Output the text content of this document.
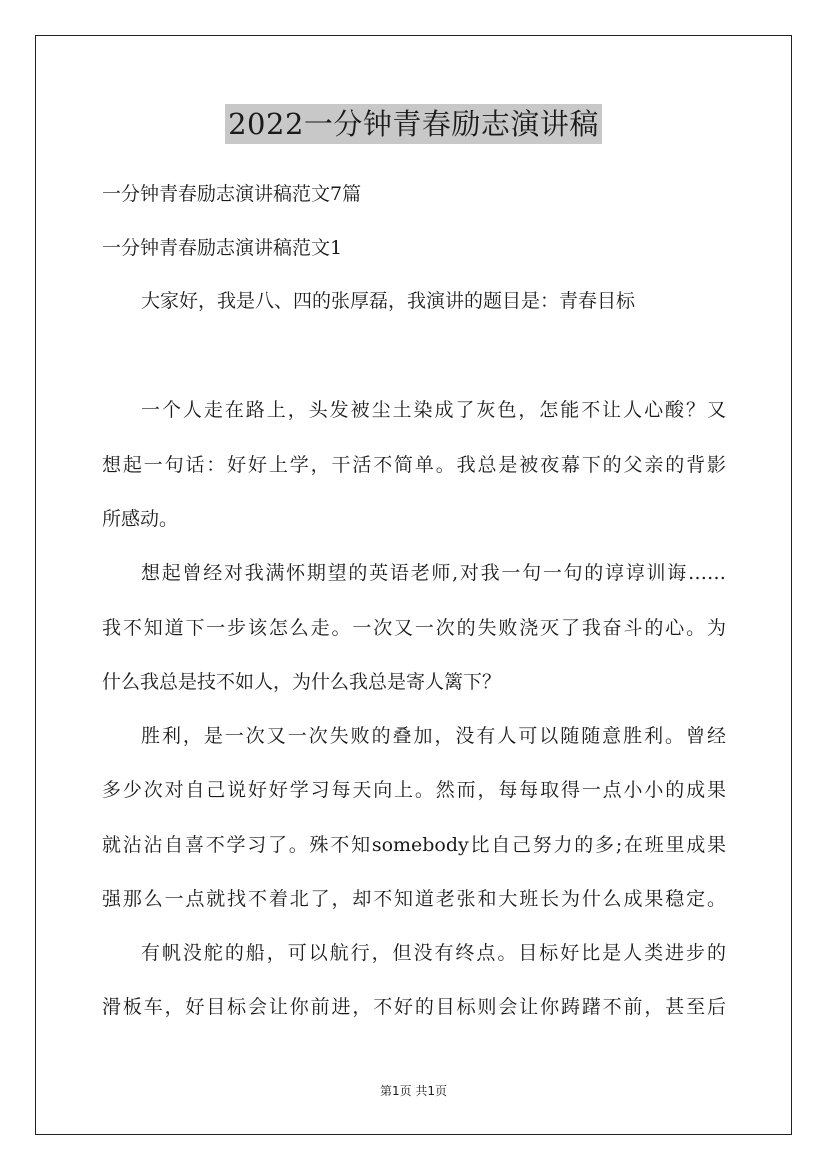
2022一分钟青春励志演讲稿

一分钟青春励志演讲稿范文7篇

一分钟青春励志演讲稿范文1

大家好，我是八、四的张厚磊，我演讲的题目是：青春目标

一个人走在路上，头发被尘土染成了灰色，怎能不让人心酸？又

想起一句话：好好上学，干活不简单。我总是被夜幕下的父亲的背影

所感动。

想起曾经对我满怀期望的英语老师,对我一句一句的谆谆训诲……

我不知道下一步该怎么走。一次又一次的失败浇灭了我奋斗的心。为

什么我总是技不如人，为什么我总是寄人篱下？

胜利，是一次又一次失败的叠加，没有人可以随随意胜利。曾经

多少次对自己说好好学习每天向上。然而，每每取得一点小小的成果

就沾沾自喜不学习了。殊不知somebody比自己努力的多;在班里成果

强那么一点就找不着北了，却不知道老张和大班长为什么成果稳定。

有帆没舵的船，可以航行，但没有终点。目标好比是人类进步的

滑板车，好目标会让你前进，不好的目标则会让你踌躇不前，甚至后

第1页 共1页
